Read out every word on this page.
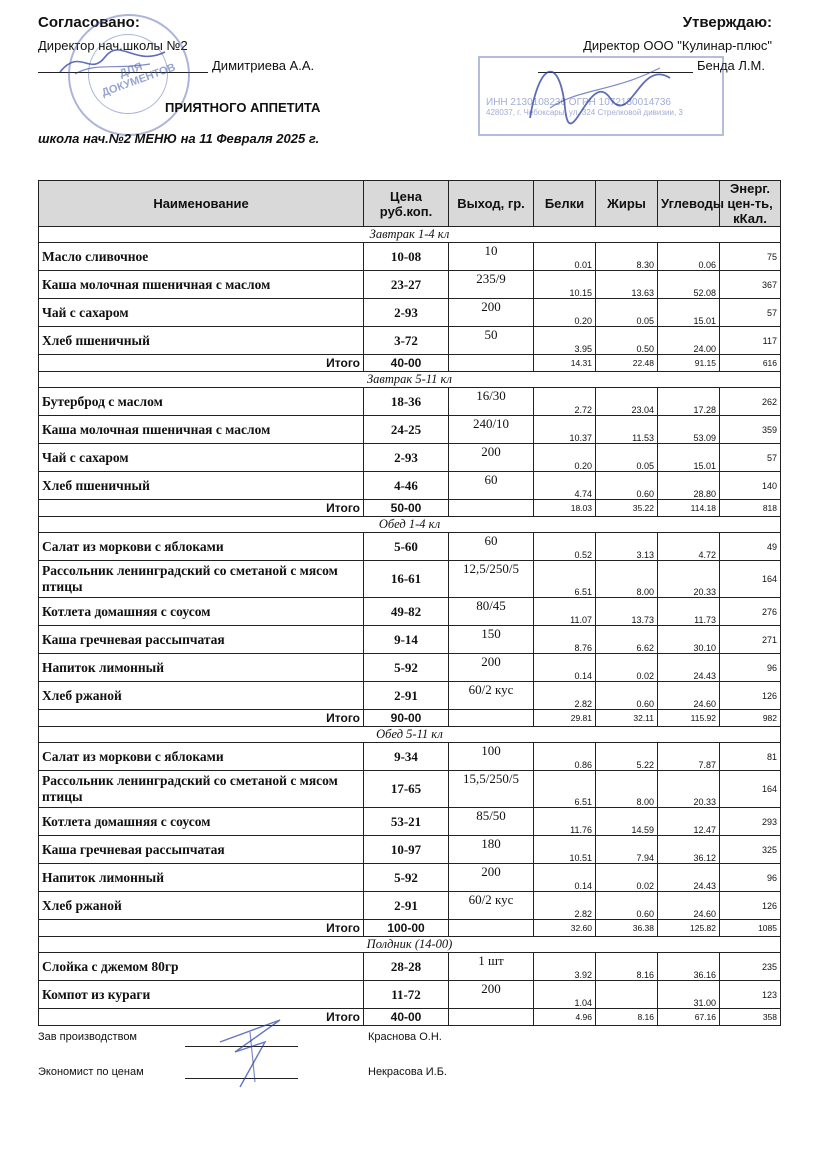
Согласовано:
Директор нач.школы №2
Димитриева А.А.
ДЛЯ ДОКУМЕНТОВ
Утверждаю:
Директор ООО "Кулинар-плюс"
Бенда Л.М.
ИНН 2130108236 ОГРН 1072130014736
428037, г. Чебоксары, ул. 324 Стрелковой дивизии, 3
ПРИЯТНОГО АППЕТИТА
школа нач.№2 МЕНЮ на 11 Февраля 2025 г.
Наименование	Цена руб.коп.	Выход, гр.	Белки	Жиры	Углеводы	Энерг. цен-ть, кКал.
Завтрак 1-4 кл						
Масло сливочное	10-08	10	0.01	8.30	0.06	75
Каша молочная пшеничная с маслом	23-27	235/9	10.15	13.63	52.08	367
Чай с сахаром	2-93	200	0.20	0.05	15.01	57
Хлеб пшеничный	3-72	50	3.95	0.50	24.00	117
Итого	40-00		14.31	22.48	91.15	616
Завтрак 5-11 кл						
Бутерброд с маслом	18-36	16/30	2.72	23.04	17.28	262
Каша молочная пшеничная с маслом	24-25	240/10	10.37	11.53	53.09	359
Чай с сахаром	2-93	200	0.20	0.05	15.01	57
Хлеб пшеничный	4-46	60	4.74	0.60	28.80	140
Итого	50-00		18.03	35.22	114.18	818
Обед 1-4 кл						
Салат из моркови с яблоками	5-60	60	0.52	3.13	4.72	49
Рассольник ленинградский со сметаной с мясом птицы	16-61	12,5/250/5	6.51	8.00	20.33	164
Котлета домашняя с соусом	49-82	80/45	11.07	13.73	11.73	276
Каша гречневая рассыпчатая	9-14	150	8.76	6.62	30.10	271
Напиток лимонный	5-92	200	0.14	0.02	24.43	96
Хлеб ржаной	2-91	60/2 кус	2.82	0.60	24.60	126
Итого	90-00		29.81	32.11	115.92	982
Обед 5-11 кл						
Салат из моркови с яблоками	9-34	100	0.86	5.22	7.87	81
Рассольник ленинградский со сметаной с мясом птицы	17-65	15,5/250/5	6.51	8.00	20.33	164
Котлета домашняя с соусом	53-21	85/50	11.76	14.59	12.47	293
Каша гречневая рассыпчатая	10-97	180	10.51	7.94	36.12	325
Напиток лимонный	5-92	200	0.14	0.02	24.43	96
Хлеб ржаной	2-91	60/2 кус	2.82	0.60	24.60	126
Итого	100-00		32.60	36.38	125.82	1085
Полдник (14-00)						
Слойка с джемом 80гр	28-28	1 шт	3.92	8.16	36.16	235
Компот из кураги	11-72	200	1.04		31.00	123
Итого	40-00		4.96	8.16	67.16	358
Зав производством	Краснова О.Н.
Экономист по ценам	Некрасова И.Б.
